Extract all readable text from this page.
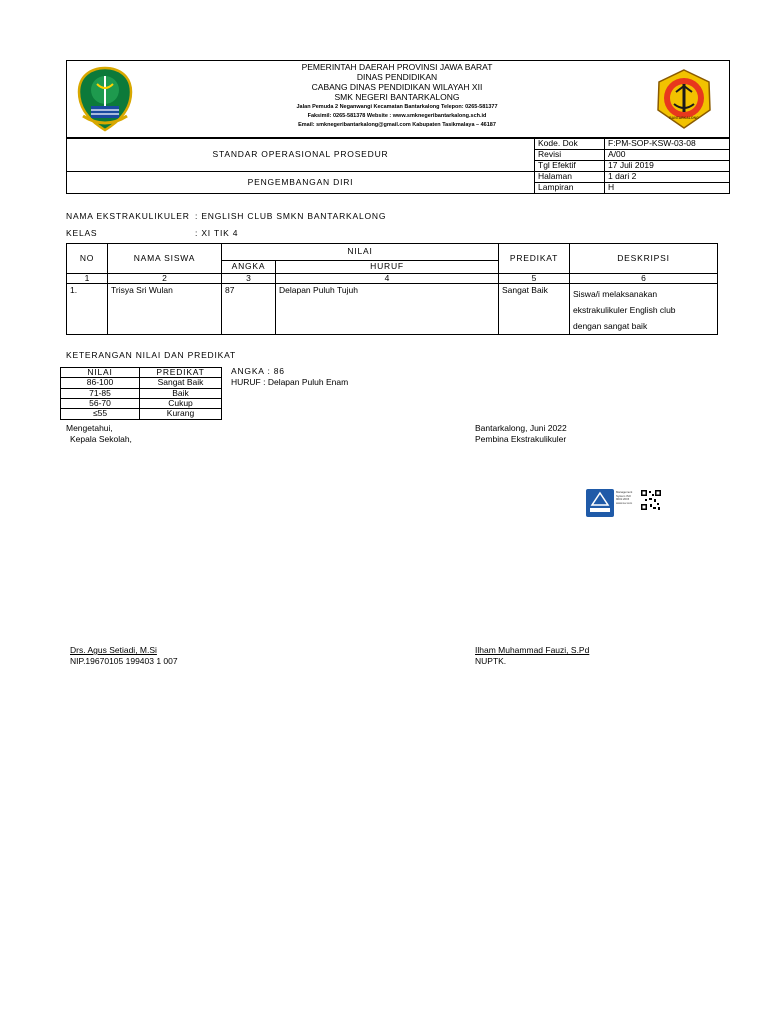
PEMERINTAH DAERAH PROVINSI JAWA BARAT
DINAS PENDIDIKAN
CABANG DINAS PENDIDIKAN WILAYAH XII
SMK NEGERI BANTARKALONG
Jalan Pemuda 2 Neganwangi Kecamatan Bantarkalong Telepon: 0265-581377
Faksimil: 0265-581378 Website : www.smknegeribantarkalong.sch.id
Email: smknegeribantarkalong@gmail.com Kabupaten Tasikmalaya – 46187
BANTARKALONG
STANDAR OPERASIONAL PROSEDUR	Kode. Dok	F:PM-SOP-KSW-03-08
	Revisi	A/00
	Tgl Efektif	17 Juli 2019
PENGEMBANGAN DIRI	Halaman	1 dari 2
	Lampiran	H
NAMA EKSTRAKULIKULER : ENGLISH CLUB SMKN BANTARKALONG
KELAS	: XI TIK 4
NO	NAMA SISWA	NILAI		PREDIKAT	DESKRIPSI
		ANGKA	HURUF		
1	2	3	4	5	6
1.	Trisya Sri Wulan	87	Delapan Puluh Tujuh	Sangat Baik	Siswa/i melaksanakan
ekstrakulikuler English club
dengan sangat baik
KETERANGAN NILAI DAN PREDIKAT
NILAI	PREDIKAT
86-100	Sangat Baik
71-85	Baik
56-70	Cukup
≤55	Kurang
ANGKA : 86
HURUF : Delapan Puluh Enam
Mengetahui,
Kepala Sekolah,
Bantarkalong, Juni 2022
Pembina Ekstrakulikuler
Management System ISO 9001:2015 www.tuv.com
Drs. Agus Setiadi, M.Si
NIP.19670105 199403 1 007
Ilham Muhammad Fauzi, S.Pd
NUPTK.
